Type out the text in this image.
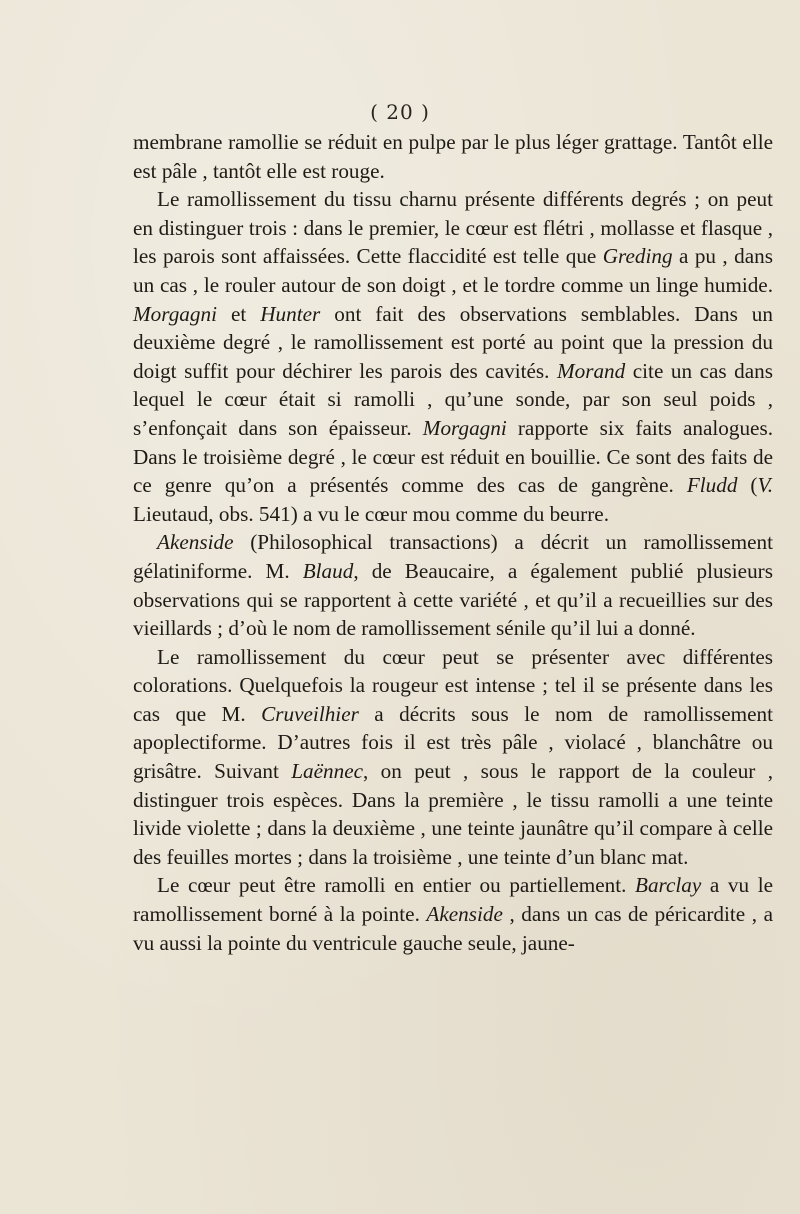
( 20 )

membrane ramollie se réduit en pulpe par le plus léger grattage. Tantôt elle est pâle , tantôt elle est rouge.

Le ramollissement du tissu charnu présente différents degrés ; on peut en distinguer trois : dans le premier, le cœur est flétri , mollasse et flasque , les parois sont affaissées. Cette flaccidité est telle que Greding a pu , dans un cas , le rouler autour de son doigt , et le tordre comme un linge humide. Morgagni et Hunter ont fait des observations semblables. Dans un deuxième degré , le ramollissement est porté au point que la pression du doigt suffit pour déchirer les parois des cavités. Morand cite un cas dans lequel le cœur était si ramolli , qu’une sonde, par son seul poids , s’enfonçait dans son épaisseur. Morgagni rapporte six faits analogues. Dans le troisième degré , le cœur est réduit en bouillie. Ce sont des faits de ce genre qu’on a présentés comme des cas de gangrène. Fludd (V. Lieutaud, obs. 541) a vu le cœur mou comme du beurre.

Akenside (Philosophical transactions) a décrit un ramollissement gélatiniforme. M. Blaud, de Beaucaire, a également publié plusieurs observations qui se rapportent à cette variété , et qu’il a recueillies sur des vieillards ; d’où le nom de ramollissement sénile qu’il lui a donné.

Le ramollissement du cœur peut se présenter avec différentes colorations. Quelquefois la rougeur est intense ; tel il se présente dans les cas que M. Cruveilhier a décrits sous le nom de ramollissement apoplectiforme. D’autres fois il est très pâle , violacé , blanchâtre ou grisâtre. Suivant Laënnec, on peut , sous le rapport de la couleur , distinguer trois espèces. Dans la première , le tissu ramolli a une teinte livide violette ; dans la deuxième , une teinte jaunâtre qu’il compare à celle des feuilles mortes ; dans la troisième , une teinte d’un blanc mat.

Le cœur peut être ramolli en entier ou partiellement. Barclay a vu le ramollissement borné à la pointe. Akenside , dans un cas de péricardite , a vu aussi la pointe du ventricule gauche seule, jaune-
